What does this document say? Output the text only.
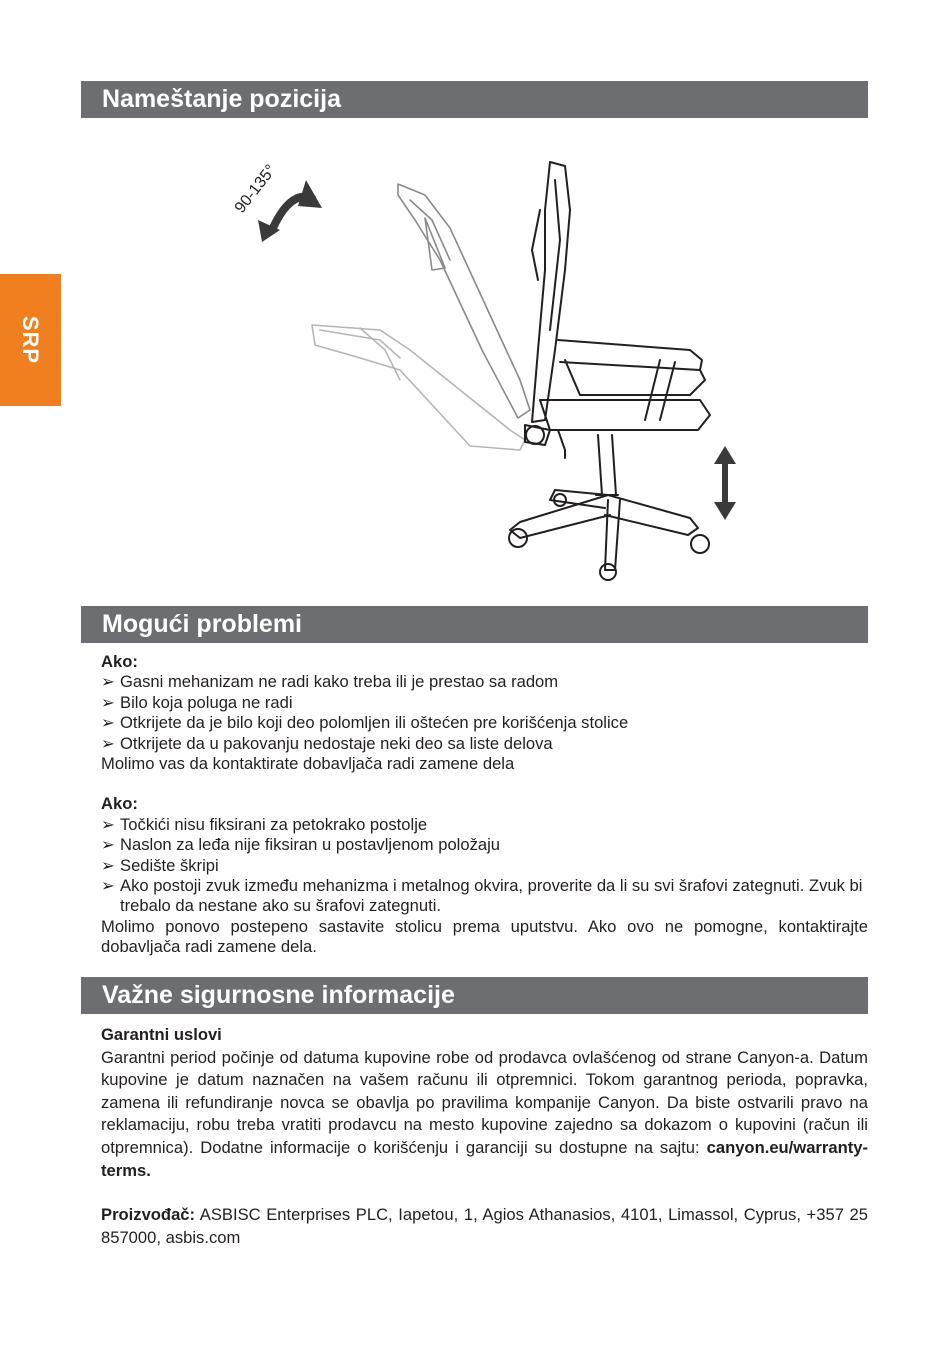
SRP
Nameštanje pozicija
90-135°
Mogući problemi

Ako:

➢ Gasni mehanizam ne radi kako treba ili je prestao sa radom

➢ Bilo koja poluga ne radi

➢ Otkrijete da je bilo koji deo polomljen ili oštećen pre korišćenja stolice

➢ Otkrijete da u pakovanju nedostaje neki deo sa liste delova

Molimo vas da kontaktirate dobavljača radi zamene dela

Ako:

➢ Točkići nisu fiksirani za petokrako postolje

➢ Naslon za leđa nije fiksiran u postavljenom položaju

➢ Sedište škripi

➢ Ako postoji zvuk između mehanizma i metalnog okvira, proverite da li su svi šrafovi zategnuti. Zvuk bi trebalo da nestane ako su šrafovi zategnuti.

Molimo ponovo postepeno sastavite stolicu prema uputstvu. Ako ovo ne pomogne, kontaktirajte dobavljača radi zamene dela.

Važne sigurnosne informacije

Garantni uslovi

Garantni period počinje od datuma kupovine robe od prodavca ovlašćenog od strane Canyon-a. Datum kupovine je datum naznačen na vašem računu ili otpremnici. Tokom garantnog perioda, popravka, zamena ili refundiranje novca se obavlja po pravilima kompanije Canyon. Da biste ostvarili pravo na reklamaciju, robu treba vratiti prodavcu na mesto kupovine zajedno sa dokazom o kupovini (račun ili otpremnica). Dodatne informacije o korišćenju i garanciji su dostupne na sajtu: canyon.eu/warranty-terms.

Proizvođač: ASBISC Enterprises PLC, Iapetou, 1, Agios Athanasios, 4101, Limassol, Cyprus, +357 25 857000, asbis.com
